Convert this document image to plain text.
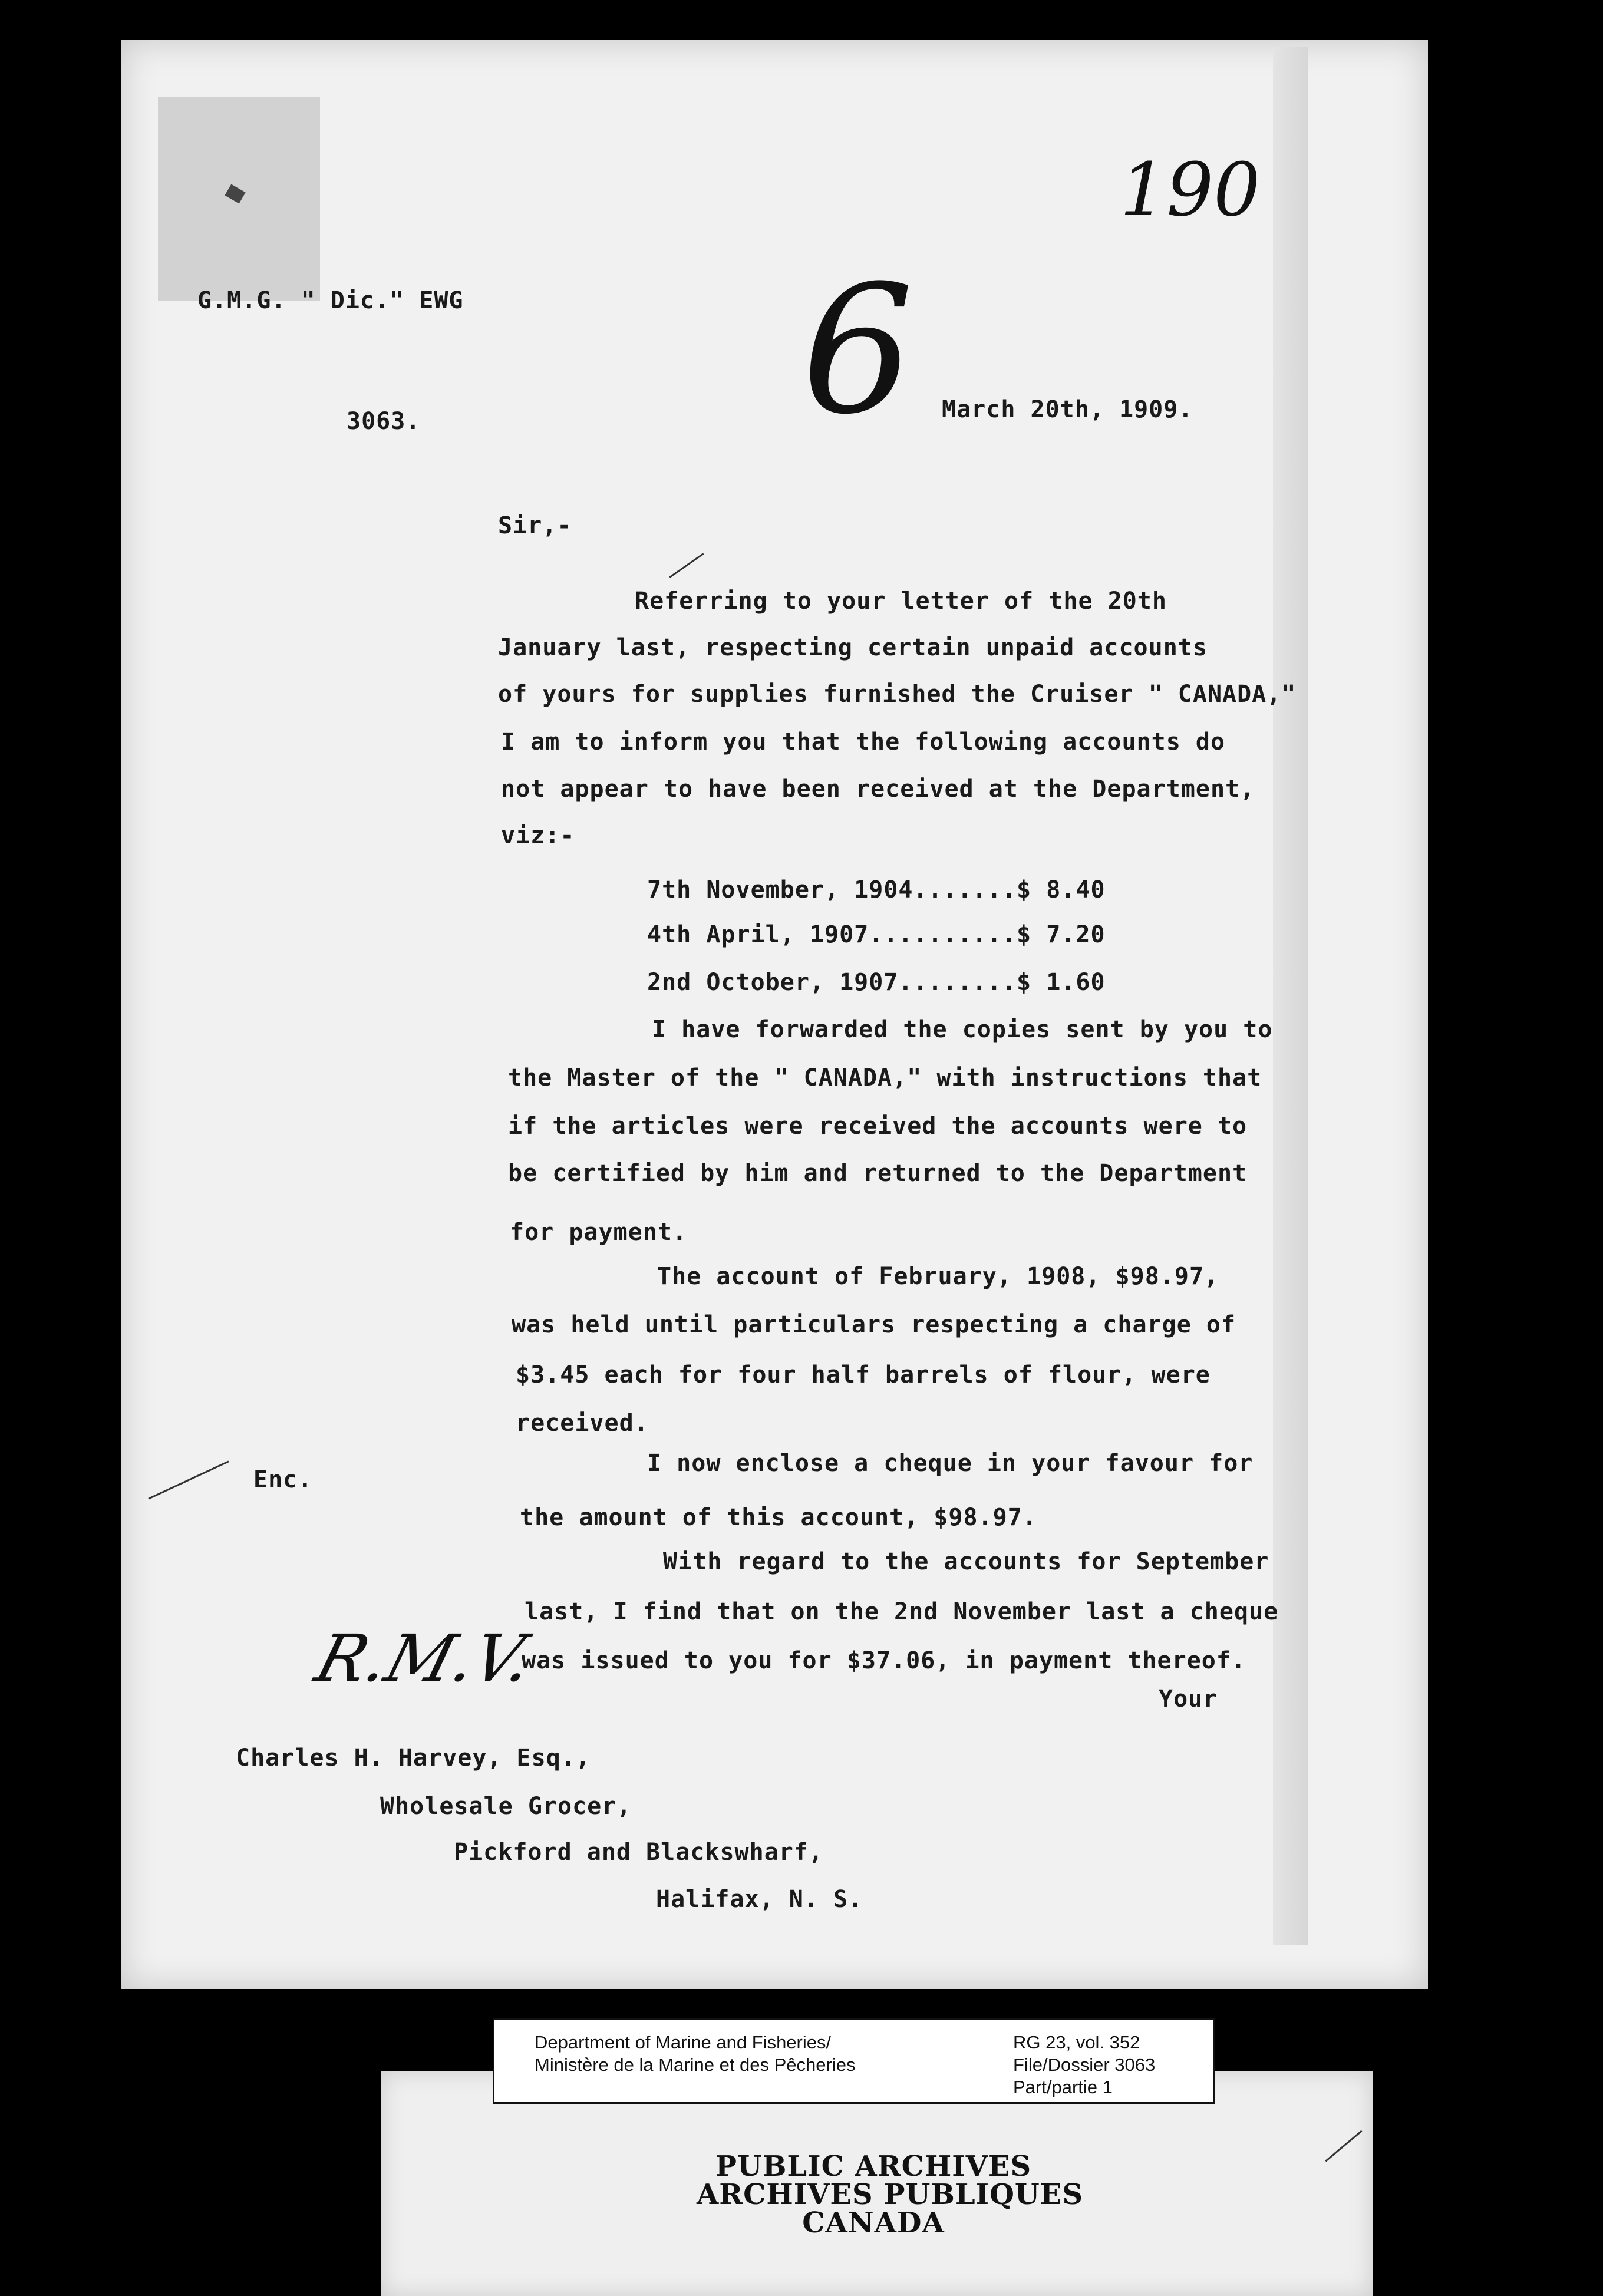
190
6
G.M.G. " Dic." EWG
3063.	March 20th, 1909.
Sir,-
Referring to your letter of the 20th
January last, respecting certain unpaid accounts
of yours for supplies furnished the Cruiser " CANADA,"
I am to inform you that the following accounts do
not appear to have been received at the Department,
viz:-
7th November, 1904.......$ 8.40
4th April, 1907..........$ 7.20
2nd October, 1907........$ 1.60
I have forwarded the copies sent by you to
the Master of the " CANADA," with instructions that
if the articles were received the accounts were to
be certified by him and returned to the Department
for payment.
The account of February, 1908, $98.97,
was held until particulars respecting a charge of
$3.45 each for four half barrels of flour, were
received.
I now enclose a cheque in your favour for
the amount of this account, $98.97.
With regard to the accounts for September
last, I find that on the 2nd November last a cheque
was issued to you for $37.06, in payment thereof.
Your
Enc.
R.M.V.
Charles H. Harvey, Esq.,
Wholesale Grocer,
Pickford and Blackswharf,
Halifax, N. S.
Department of Marine and Fisheries/
Ministère de la Marine et des Pêcheries
RG 23, vol. 352
File/Dossier 3063
Part/partie 1
PUBLIC ARCHIVES
ARCHIVES PUBLIQUES
CANADA
